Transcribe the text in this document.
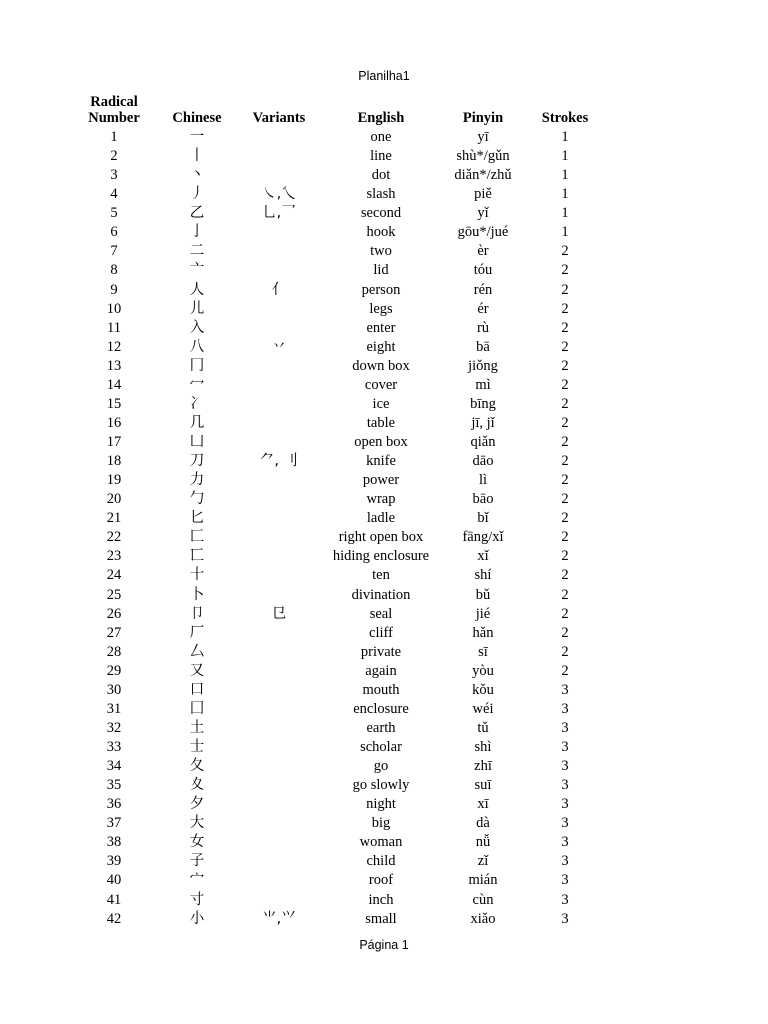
Planilha1
Radical
Number	Chinese	Variants	English	Pinyin	Strokes
1	一		one	yī	1
2	丨		line	shù*/gǔn	1
3	丶		dot	diǎn*/zhǔ	1
4	丿	㇏,乀	slash	piě	1
5	乙	乚,乛	second	yǐ	1
6	亅		hook	gōu*/jué	1
7	二		two	èr	2
8	亠		lid	tóu	2
9	人	亻	person	rén	2
10	儿		legs	ér	2
11	入		enter	rù	2
12	八	丷	eight	bā	2
13	冂		down box	jiǒng	2
14	冖		cover	mì	2
15	冫		ice	bīng	2
16	几		table	jī, jǐ	2
17	凵		open box	qiǎn	2
18	刀	⺈, 刂	knife	dāo	2
19	力		power	lì	2
20	勹		wrap	bāo	2
21	匕		ladle	bǐ	2
22	匚		right open box	fāng/xǐ	2
23	匸		hiding enclosure	xǐ	2
24	十		ten	shí	2
25	卜		divination	bǔ	2
26	卩	㔾	seal	jié	2
27	厂		cliff	hǎn	2
28	厶		private	sī	2
29	又		again	yòu	2
30	口		mouth	kǒu	3
31	囗		enclosure	wéi	3
32	土		earth	tǔ	3
33	士		scholar	shì	3
34	夂		go	zhī	3
35	夊		go slowly	suī	3
36	夕		night	xī	3
37	大		big	dà	3
38	女		woman	nǚ	3
39	子		child	zǐ	3
40	宀		roof	mián	3
41	寸		inch	cùn	3
42	小	⺌,⺍	small	xiǎo	3
Página 1
